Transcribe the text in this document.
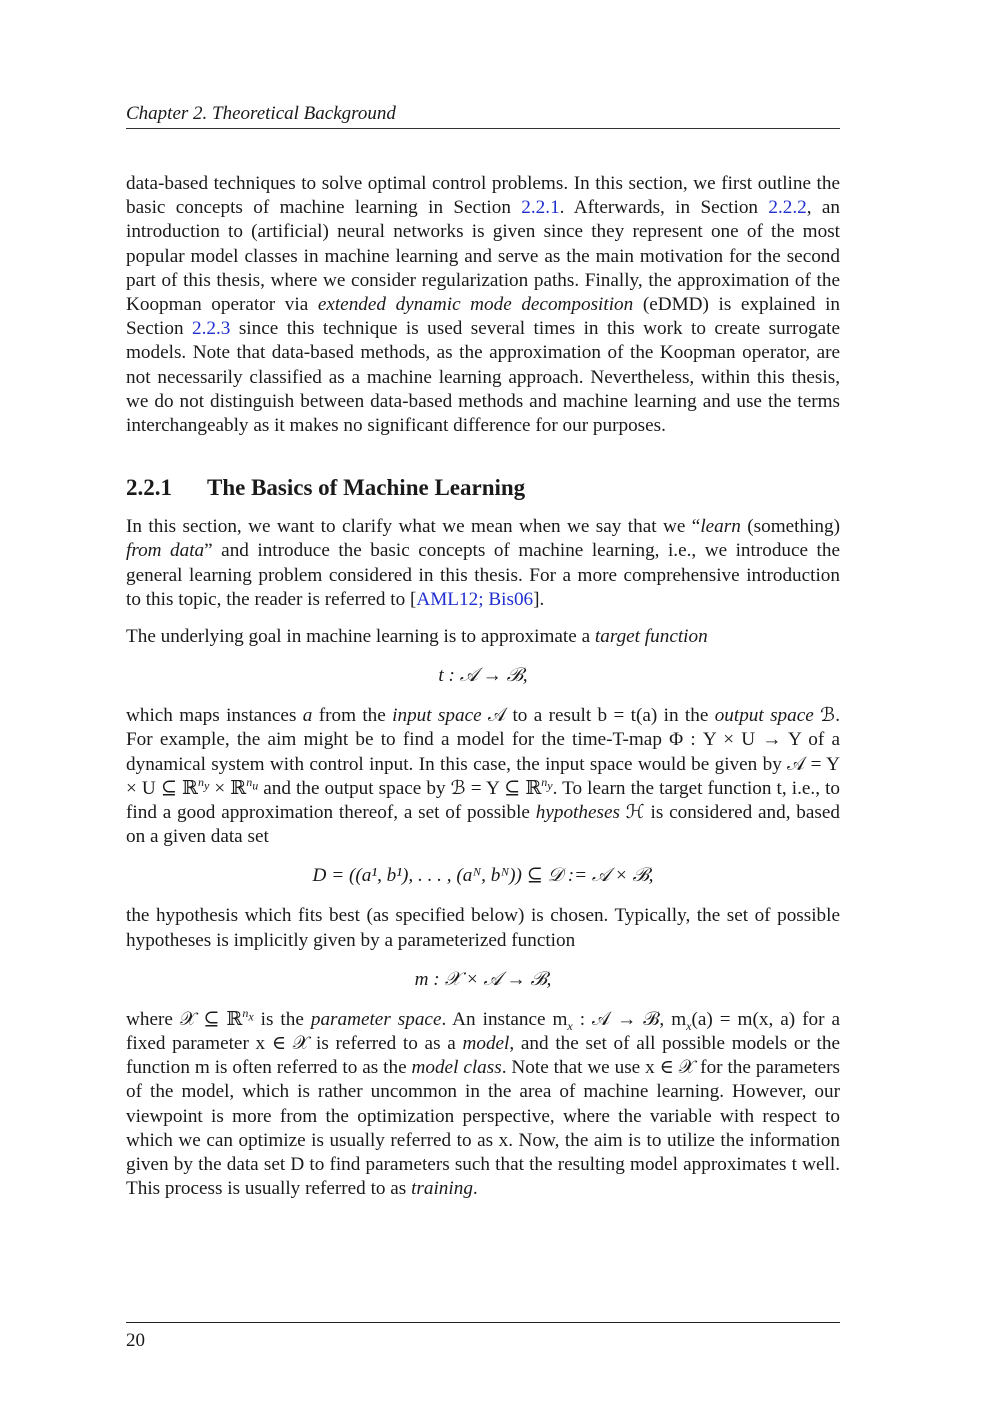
Chapter 2. Theoretical Background

data-based techniques to solve optimal control problems. In this section, we first outline the basic concepts of machine learning in Section 2.2.1. Afterwards, in Section 2.2.2, an introduction to (artificial) neural networks is given since they represent one of the most popular model classes in machine learning and serve as the main motivation for the second part of this thesis, where we consider regularization paths. Finally, the approximation of the Koopman operator via extended dynamic mode decomposition (eDMD) is explained in Section 2.2.3 since this technique is used several times in this work to create surrogate models. Note that data-based methods, as the approximation of the Koopman operator, are not necessarily classified as a machine learning approach. Nevertheless, within this thesis, we do not distinguish between data-based methods and machine learning and use the terms interchangeably as it makes no significant difference for our purposes.

2.2.1 The Basics of Machine Learning

In this section, we want to clarify what we mean when we say that we “learn (something) from data” and introduce the basic concepts of machine learning, i.e., we introduce the general learning problem considered in this thesis. For a more comprehensive introduction to this topic, the reader is referred to [AML12; Bis06].

The underlying goal in machine learning is to approximate a target function

t : 𝒜 → ℬ,

which maps instances a from the input space 𝒜 to a result b = t(a) in the output space ℬ. For example, the aim might be to find a model for the time-T-map Φ : Y × U → Y of a dynamical system with control input. In this case, the input space would be given by 𝒜 = Y × U ⊆ ℝ$^{n_y}$ × ℝ$^{n_u}$ and the output space by ℬ = Y ⊆ ℝ$^{n_y}$. To learn the target function t, i.e., to find a good approximation thereof, a set of possible hypotheses ℋ is considered and, based on a given data set

D = ((a¹, b¹), . . . , (aᴺ, bᴺ)) ⊆ 𝒟 := 𝒜 × ℬ,

the hypothesis which fits best (as specified below) is chosen. Typically, the set of possible hypotheses is implicitly given by a parameterized function

m : 𝒳 × 𝒜 → ℬ,

where 𝒳 ⊆ ℝ$^{n_x}$ is the parameter space. An instance $m_x$ : 𝒜 → ℬ, $m_x(a) = m(x$, a) for a fixed parameter x ∈ 𝒳 is referred to as a model, and the set of all possible models or the function m is often referred to as the model class. Note that we use x ∈ 𝒳 for the parameters of the model, which is rather uncommon in the area of machine learning. However, our viewpoint is more from the optimization perspective, where the variable with respect to which we can optimize is usually referred to as x. Now, the aim is to utilize the information given by the data set D to find parameters such that the resulting model approximates t well. This process is usually referred to as training.

20
